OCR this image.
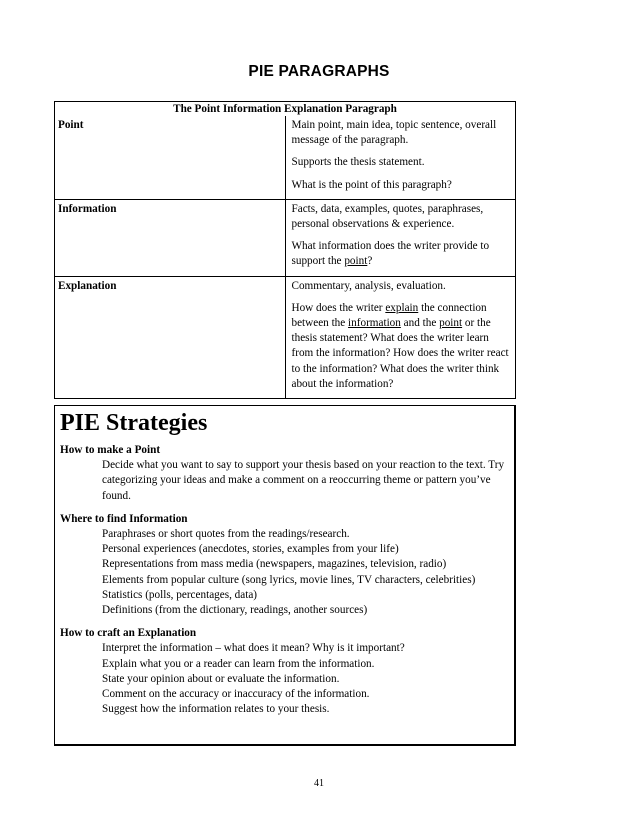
PIE PARAGRAPHS
The Point Information Explanation Paragraph	
Point	Main point, main idea, topic sentence, overall message of the paragraph.

Supports the thesis statement.

What is the point of this paragraph?

Information	Facts, data, examples, quotes, paraphrases, personal observations & experience.

What information does the writer provide to support the point?

Explanation	Commentary, analysis, evaluation.

How does the writer explain the connection between the information and the point or the thesis statement? What does the writer learn from the information? How does the writer react to the information? What does the writer think about the information?

PIE Strategies

How to make a Point

Decide what you want to say to support your thesis based on your reaction to the text. Try categorizing your ideas and make a comment on a reoccurring theme or pattern you’ve found.

Where to find Information

Paraphrases or short quotes from the readings/research.

Personal experiences (anecdotes, stories, examples from your life)

Representations from mass media (newspapers, magazines, television, radio)

Elements from popular culture (song lyrics, movie lines, TV characters, celebrities)

Statistics (polls, percentages, data)

Definitions (from the dictionary, readings, another sources)

How to craft an Explanation

Interpret the information – what does it mean? Why is it important?

Explain what you or a reader can learn from the information.

State your opinion about or evaluate the information.

Comment on the accuracy or inaccuracy of the information.

Suggest how the information relates to your thesis.

41
